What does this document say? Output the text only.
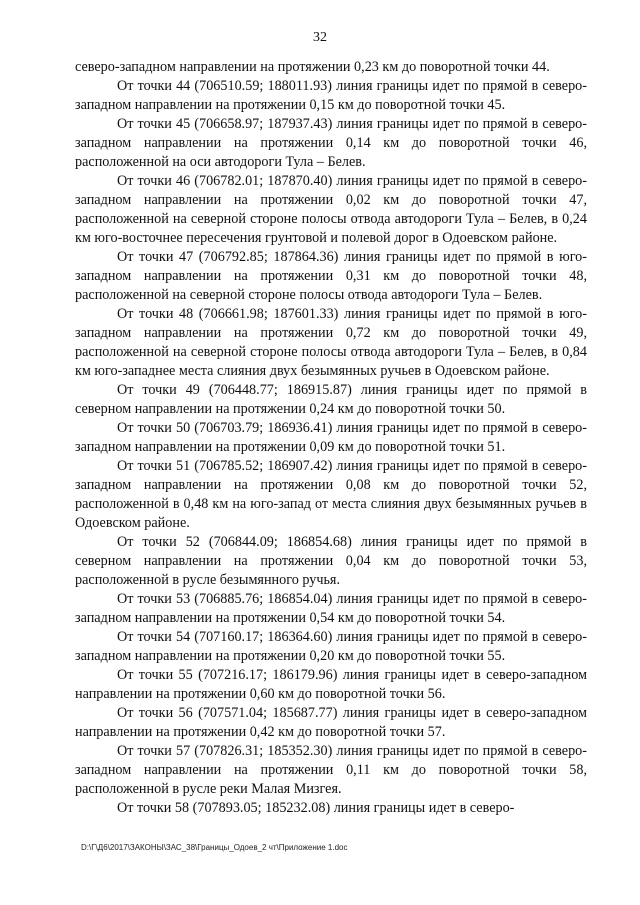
32

северо-западном направлении на протяжении 0,23 км до поворотной точки 44.

От точки 44 (706510.59; 188011.93) линия границы идет по прямой в северо-западном направлении на протяжении 0,15 км до поворотной точки 45.

От точки 45 (706658.97; 187937.43) линия границы идет по прямой в северо-западном направлении на протяжении 0,14 км до поворотной точки 46, расположенной на оси автодороги Тула – Белев.

От точки 46 (706782.01; 187870.40) линия границы идет по прямой в северо-западном направлении на протяжении 0,02 км до поворотной точки 47, расположенной на северной стороне полосы отвода автодороги Тула – Белев, в 0,24 км юго-восточнее пересечения грунтовой и полевой дорог в Одоевском районе.

От точки 47 (706792.85; 187864.36) линия границы идет по прямой в юго-западном направлении на протяжении 0,31 км до поворотной точки 48, расположенной на северной стороне полосы отвода автодороги Тула – Белев.

От точки 48 (706661.98; 187601.33) линия границы идет по прямой в юго-западном направлении на протяжении 0,72 км до поворотной точки 49, расположенной на северной стороне полосы отвода автодороги Тула – Белев, в 0,84 км юго-западнее места слияния двух безымянных ручьев в Одоевском районе.

От точки 49 (706448.77; 186915.87) линия границы идет по прямой в северном направлении на протяжении 0,24 км до поворотной точки 50.

От точки 50 (706703.79; 186936.41) линия границы идет по прямой в северо-западном направлении на протяжении 0,09 км до поворотной точки 51.

От точки 51 (706785.52; 186907.42) линия границы идет по прямой в северо-западном направлении на протяжении 0,08 км до поворотной точки 52, расположенной в 0,48 км на юго-запад от места слияния двух безымянных ручьев в Одоевском районе.

От точки 52 (706844.09; 186854.68) линия границы идет по прямой в северном направлении на протяжении 0,04 км до поворотной точки 53, расположенной в русле безымянного ручья.

От точки 53 (706885.76; 186854.04) линия границы идет по прямой в северо-западном направлении на протяжении 0,54 км до поворотной точки 54.

От точки 54 (707160.17; 186364.60) линия границы идет по прямой в северо-западном направлении на протяжении 0,20 км до поворотной точки 55.

От точки 55 (707216.17; 186179.96) линия границы идет в северо-западном направлении на протяжении 0,60 км до поворотной точки 56.

От точки 56 (707571.04; 185687.77) линия границы идет в северо-западном направлении на протяжении 0,42 км до поворотной точки 57.

От точки 57 (707826.31; 185352.30) линия границы идет по прямой в северо-западном направлении на протяжении 0,11 км до поворотной точки 58, расположенной в русле реки Малая Мизгея.

От точки 58 (707893.05; 185232.08) линия границы идет в северо-

D:\Г\Д6\2017\ЗАКОНЫ\ЗАС_38\Границы_Одоев_2 чт\Приложение 1.doc
